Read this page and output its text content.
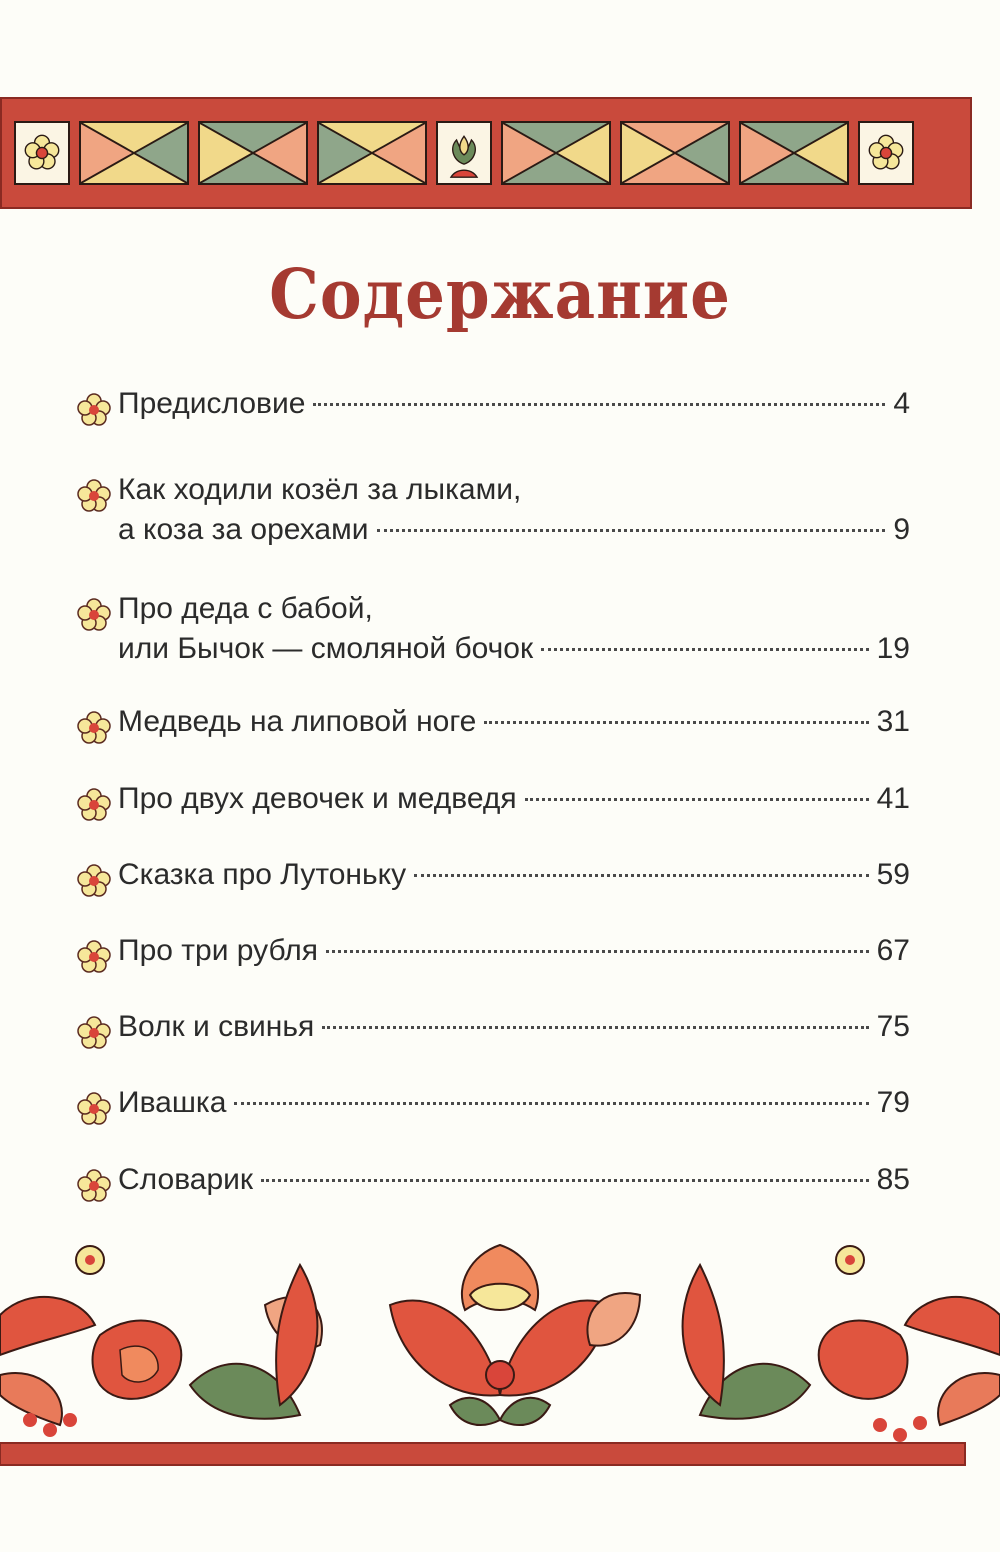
Содержание
Предисловие	4
Как ходили козёл за лыками,
а коза за орехами	9
Про деда с бабой,
или Бычок — смоляной бочок	19
Медведь на липовой ноге	31
Про двух девочек и медведя	41
Сказка про Лутоньку	59
Про три рубля	67
Волк и свинья	75
Ивашка	79
Словарик	85
